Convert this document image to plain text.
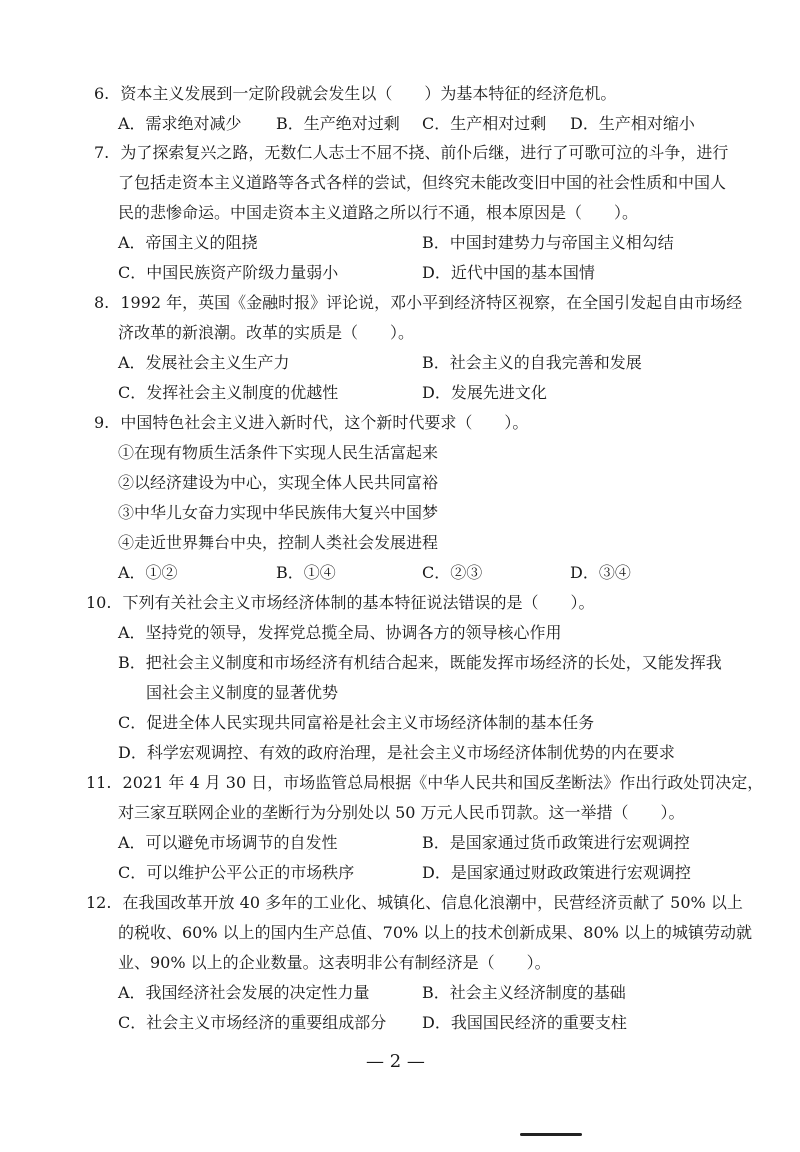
6. 资本主义发展到一定阶段就会发生以（　　）为基本特征的经济危机。
A．需求绝对减少 B．生产绝对过剩 C．生产相对过剩 D．生产相对缩小
7. 为了探索复兴之路，无数仁人志士不屈不挠、前仆后继，进行了可歌可泣的斗争，进行
了包括走资本主义道路等各式各样的尝试，但终究未能改变旧中国的社会性质和中国人
民的悲惨命运。中国走资本主义道路之所以行不通，根本原因是（　　）。
A．帝国主义的阻挠	B．中国封建势力与帝国主义相勾结
C．中国民族资产阶级力量弱小	D．近代中国的基本国情
8. 1992 年，英国《金融时报》评论说，邓小平到经济特区视察，在全国引发起自由市场经
济改革的新浪潮。改革的实质是（　　）。
A．发展社会主义生产力	B．社会主义的自我完善和发展
C．发挥社会主义制度的优越性	D．发展先进文化
9. 中国特色社会主义进入新时代，这个新时代要求（　　）。
①在现有物质生活条件下实现人民生活富起来
②以经济建设为中心，实现全体人民共同富裕
③中华儿女奋力实现中华民族伟大复兴中国梦
④走近世界舞台中央，控制人类社会发展进程
A．①②	B．①④	C．②③	D．③④
10. 下列有关社会主义市场经济体制的基本特征说法错误的是（　　）。
A．坚持党的领导，发挥党总揽全局、协调各方的领导核心作用
B．把社会主义制度和市场经济有机结合起来，既能发挥市场经济的长处，又能发挥我
国社会主义制度的显著优势
C．促进全体人民实现共同富裕是社会主义市场经济体制的基本任务
D．科学宏观调控、有效的政府治理，是社会主义市场经济体制优势的内在要求
11. 2021 年 4 月 30 日，市场监管总局根据《中华人民共和国反垄断法》作出行政处罚决定，
对三家互联网企业的垄断行为分别处以 50 万元人民币罚款。这一举措（　　）。
A．可以避免市场调节的自发性	B．是国家通过货币政策进行宏观调控
C．可以维护公平公正的市场秩序	D．是国家通过财政政策进行宏观调控
12. 在我国改革开放 40 多年的工业化、城镇化、信息化浪潮中，民营经济贡献了 50% 以上
的税收、60% 以上的国内生产总值、70% 以上的技术创新成果、80% 以上的城镇劳动就
业、90% 以上的企业数量。这表明非公有制经济是（　　）。
A．我国经济社会发展的决定性力量	B．社会主义经济制度的基础
C．社会主义市场经济的重要组成部分 D．我国国民经济的重要支柱
— 2 —
